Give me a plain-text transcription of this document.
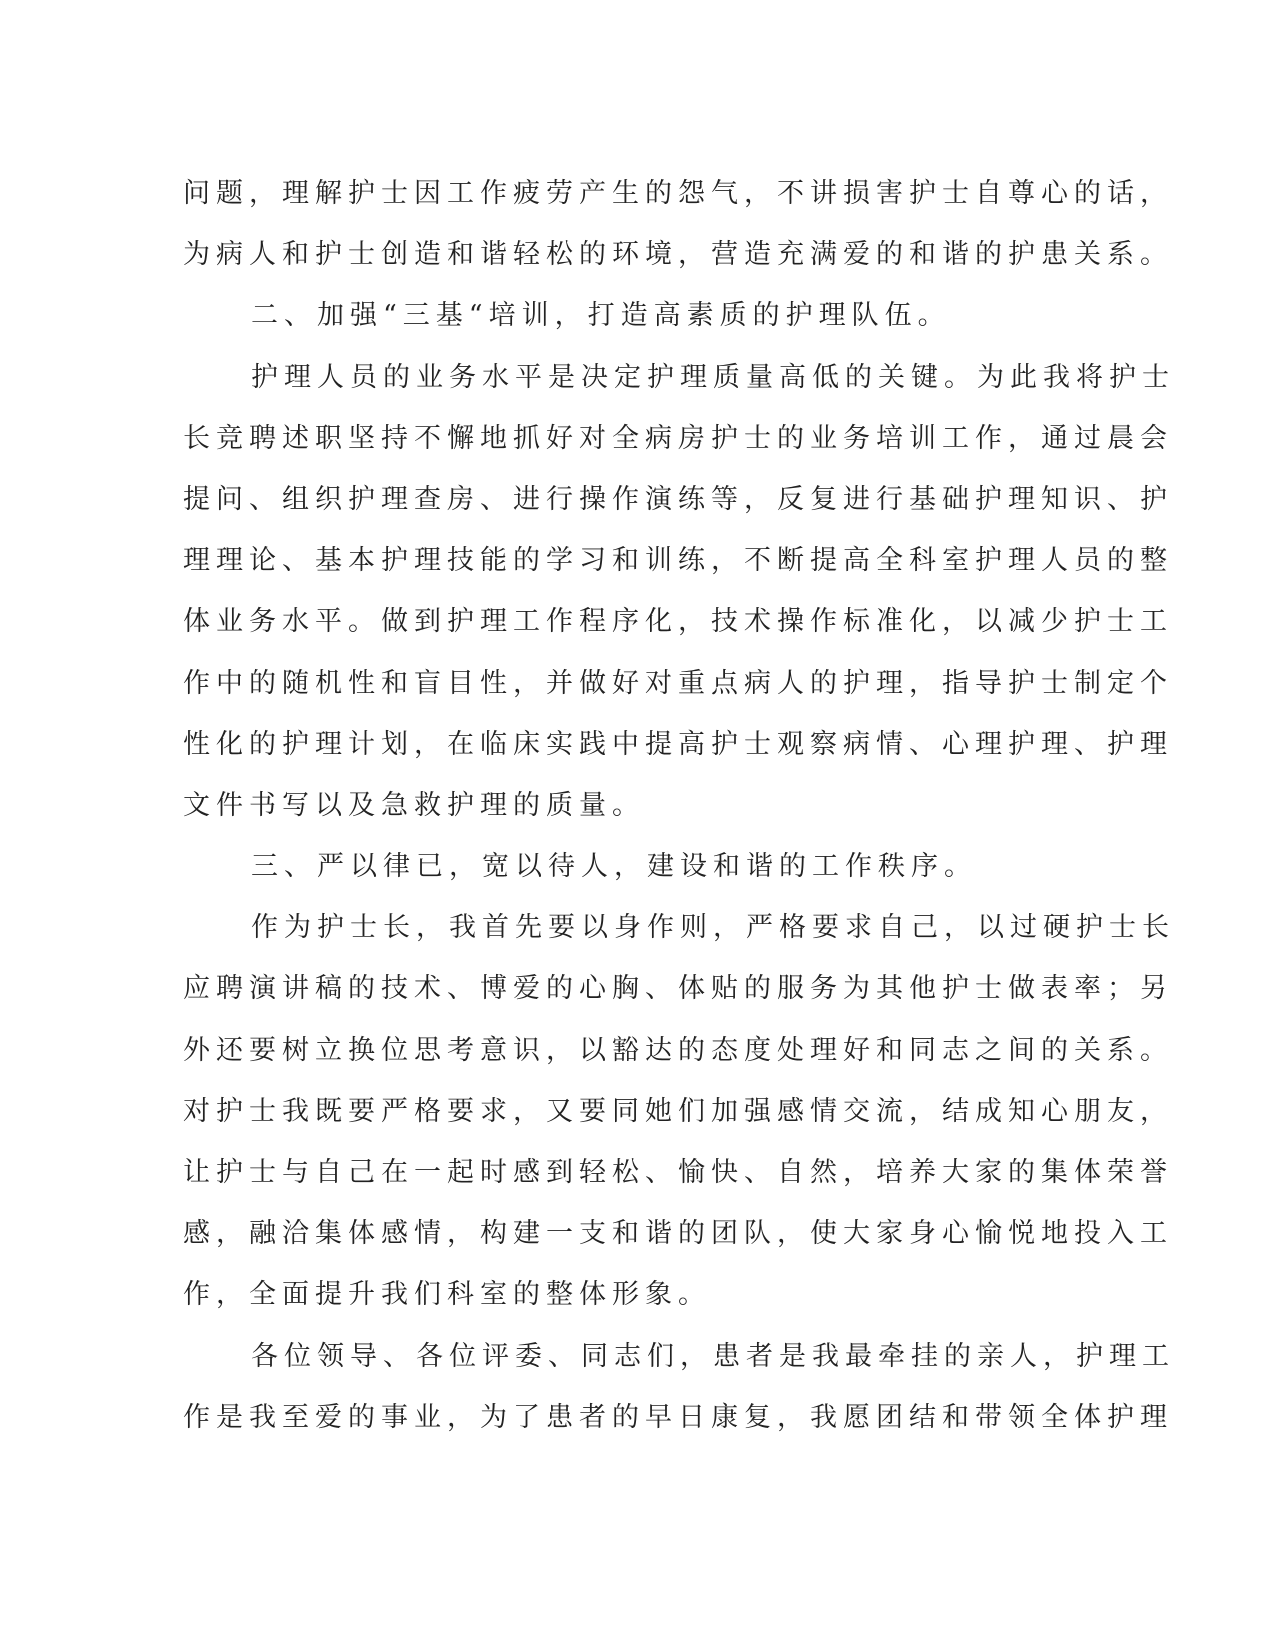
问题，理解护士因工作疲劳产生的怨气，不讲损害护士自尊心的话，
为病人和护士创造和谐轻松的环境，营造充满爱的和谐的护患关系。
二、加强“三基“培训，打造高素质的护理队伍。
护理人员的业务水平是决定护理质量高低的关键。为此我将护士
长竞聘述职坚持不懈地抓好对全病房护士的业务培训工作，通过晨会
提问、组织护理查房、进行操作演练等，反复进行基础护理知识、护
理理论、基本护理技能的学习和训练，不断提高全科室护理人员的整
体业务水平。做到护理工作程序化，技术操作标准化，以减少护士工
作中的随机性和盲目性，并做好对重点病人的护理，指导护士制定个
性化的护理计划，在临床实践中提高护士观察病情、心理护理、护理
文件书写以及急救护理的质量。
三、严以律已，宽以待人，建设和谐的工作秩序。
作为护士长，我首先要以身作则，严格要求自己，以过硬护士长
应聘演讲稿的技术、博爱的心胸、体贴的服务为其他护士做表率；另
外还要树立换位思考意识，以豁达的态度处理好和同志之间的关系。
对护士我既要严格要求，又要同她们加强感情交流，结成知心朋友，
让护士与自己在一起时感到轻松、愉快、自然，培养大家的集体荣誉
感，融洽集体感情，构建一支和谐的团队，使大家身心愉悦地投入工
作，全面提升我们科室的整体形象。
各位领导、各位评委、同志们，患者是我最牵挂的亲人，护理工
作是我至爱的事业，为了患者的早日康复，我愿团结和带领全体护理
